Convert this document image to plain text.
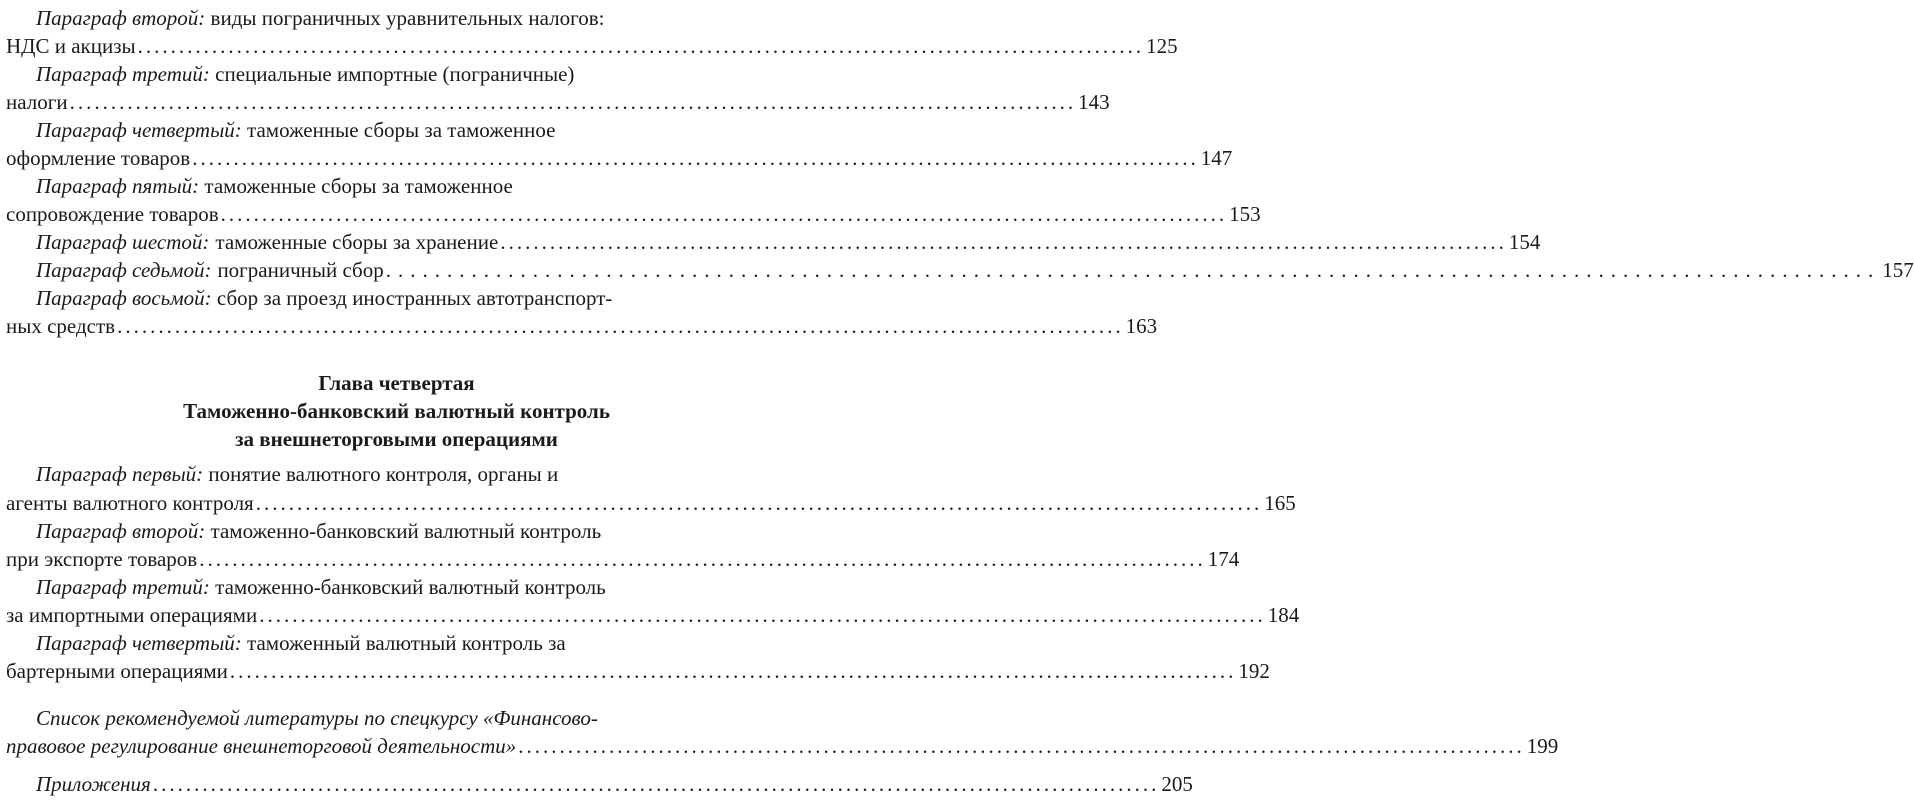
Параграф второй: виды пограничных уравнительных налогов:
НДС и акцизы .......................................................................................................................... 125
Параграф третий: специальные импортные (пограничные)
налоги .......................................................................................................................... 143
Параграф четвертый: таможенные сборы за таможенное
оформление товаров .......................................................................................................................... 147
Параграф пятый: таможенные сборы за таможенное
сопровождение товаров .......................................................................................................................... 153
Параграф шестой: таможенные сборы за хранение .......................................................................................................................... 154
Параграф седьмой: пограничный сбор .......................................................................................................................... 157
Параграф восьмой: сбор за проезд иностранных автотранспорт-
ных средств .......................................................................................................................... 163
Глава четвертая
Таможенно-банковский валютный контроль
за внешнеторговыми операциями
Параграф первый: понятие валютного контроля, органы и
агенты валютного контроля .......................................................................................................................... 165
Параграф второй: таможенно-банковский валютный контроль
при экспорте товаров .......................................................................................................................... 174
Параграф третий: таможенно-банковский валютный контроль
за импортными операциями .......................................................................................................................... 184
Параграф четвертый: таможенный валютный контроль за
бартерными операциями .......................................................................................................................... 192
Список рекомендуемой литературы по спецкурсу «Финансово-
правовое регулирование внешнеторговой деятельности» .......................................................................................................................... 199
Приложения .......................................................................................................................... 205
